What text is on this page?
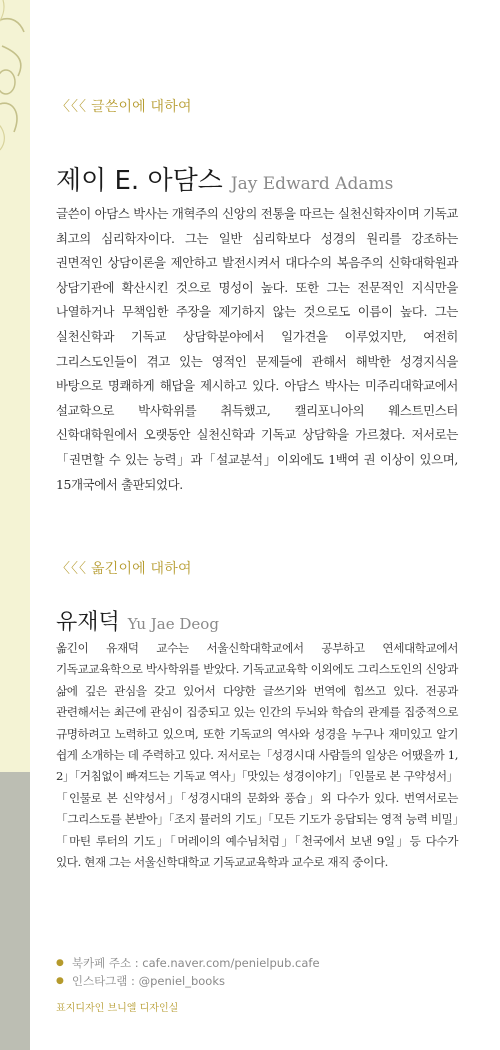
〈〈〈 글쓴이에 대하여
제이 E. 아담스 Jay Edward Adams

글쓴이 아담스 박사는 개혁주의 신앙의 전통을 따르는 실천신학자이며 기독교 최고의 심리학자이다. 그는 일반 심리학보다 성경의 원리를 강조하는 권면적인 상담이론을 제안하고 발전시켜서 대다수의 복음주의 신학대학원과 상담기관에 확산시킨 것으로 명성이 높다. 또한 그는 전문적인 지식만을 나열하거나 무책임한 주장을 제기하지 않는 것으로도 이름이 높다. 그는 실천신학과 기독교 상담학분야에서 일가견을 이루었지만, 여전히 그리스도인들이 겪고 있는 영적인 문제들에 관해서 해박한 성경지식을 바탕으로 명쾌하게 해답을 제시하고 있다. 아담스 박사는 미주리대학교에서 설교학으로 박사학위를 취득했고, 캘리포니아의 웨스트민스터 신학대학원에서 오랫동안 실천신학과 기독교 상담학을 가르쳤다. 저서로는「권면할 수 있는 능력」과「설교분석」이외에도 1백여 권 이상이 있으며, 15개국에서 출판되었다.

〈〈〈 옮긴이에 대하여
유재덕 Yu Jae Deog

옮긴이 유재덕 교수는 서울신학대학교에서 공부하고 연세대학교에서 기독교교육학으로 박사학위를 받았다. 기독교교육학 이외에도 그리스도인의 신앙과 삶에 깊은 관심을 갖고 있어서 다양한 글쓰기와 번역에 힘쓰고 있다. 전공과 관련해서는 최근에 관심이 집중되고 있는 인간의 두뇌와 학습의 관계를 집중적으로 규명하려고 노력하고 있으며, 또한 기독교의 역사와 성경을 누구나 재미있고 알기 쉽게 소개하는 데 주력하고 있다. 저서로는「성경시대 사람들의 일상은 어땠을까 1, 2」「거침없이 빠져드는 기독교 역사」「맛있는 성경이야기」「인물로 본 구약성서」「인물로 본 신약성서」「성경시대의 문화와 풍습」외 다수가 있다. 번역서로는「그리스도를 본받아」「조지 뮬러의 기도」「모든 기도가 응답되는 영적 능력 비밀」「마틴 루터의 기도」「머레이의 예수님처럼」「천국에서 보낸 9일」등 다수가 있다. 현재 그는 서울신학대학교 기독교교육학과 교수로 재직 중이다.

● 북카페 주소 : cafe.naver.com/penielpub.cafe
● 인스타그램 : @peniel_books
표지디자인 브니엘 디자인실
